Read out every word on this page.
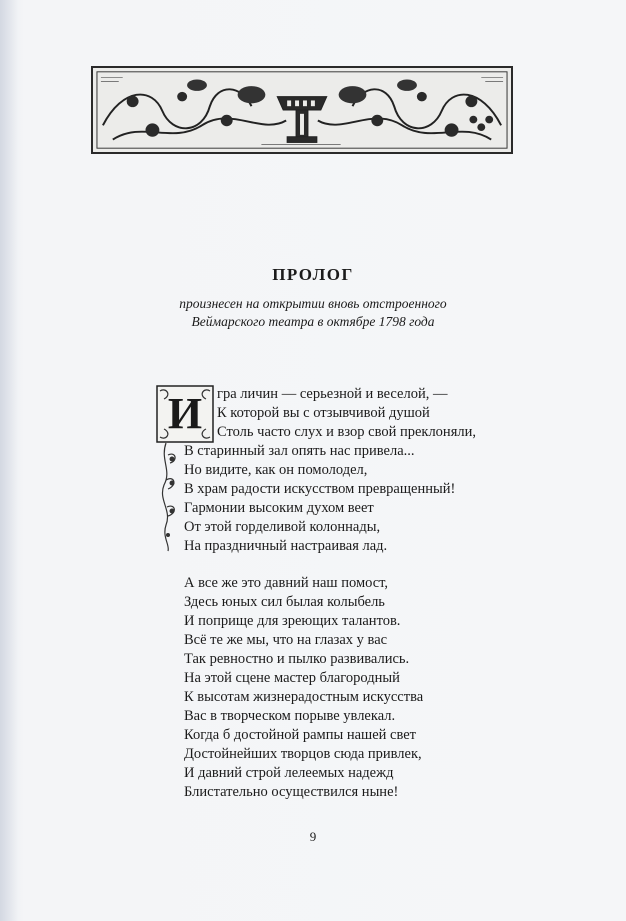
ПРОЛОГ
произнесен на открытии вновь отстроенного
Веймарского театра в октябре 1798 года
И гра личин — серьезной и веселой, —
К которой вы с отзывчивой душой
Столь часто слух и взор свой преклоняли,
В старинный зал опять нас привела...
Но видите, как он помолодел,
В храм радости искусством превращенный!
Гармонии высоким духом веет
От этой горделивой колоннады,
На праздничный настраивая лад.
А все же это давний наш помост,
Здесь юных сил былая колыбель
И поприще для зреющих талантов.
Всё те же мы, что на глазах у вас
Так ревностно и пылко развивались.
На этой сцене мастер благородный
К высотам жизнерадостным искусства
Вас в творческом порыве увлекал.
Когда б достойной рампы нашей свет
Достойнейших творцов сюда привлек,
И давний строй лелеемых надежд
Блистательно осуществился ныне!
9
